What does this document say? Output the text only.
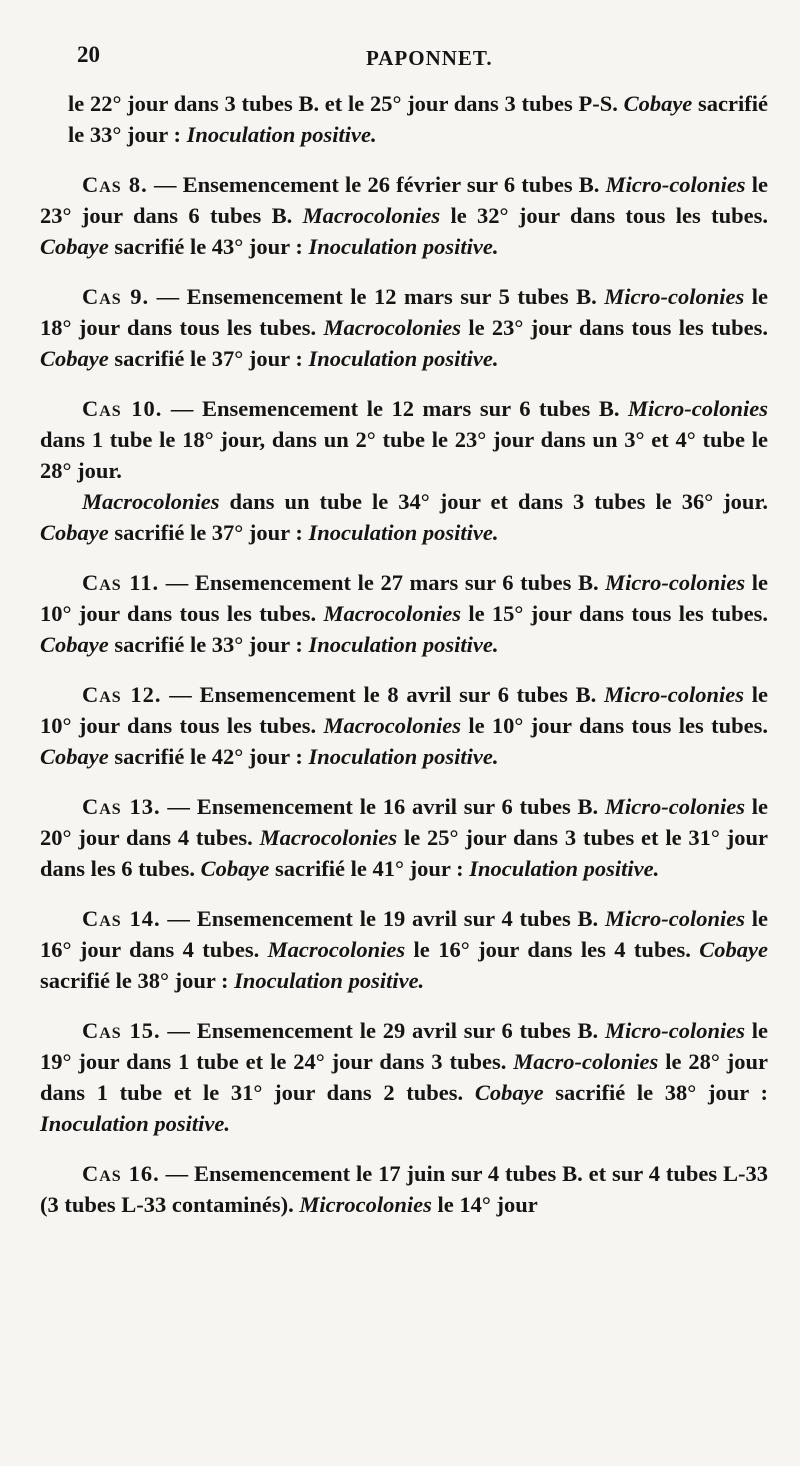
20	PAPONNET.

le 22° jour dans 3 tubes B. et le 25° jour dans 3 tubes P-S. Cobaye sacrifié le 33° jour : Inoculation positive.

Cas 8. — Ensemencement le 26 février sur 6 tubes B. Micro-colonies le 23° jour dans 6 tubes B. Macrocolonies le 32° jour dans tous les tubes. Cobaye sacrifié le 43° jour : Inoculation positive.

Cas 9. — Ensemencement le 12 mars sur 5 tubes B. Micro-colonies le 18° jour dans tous les tubes. Macrocolonies le 23° jour dans tous les tubes. Cobaye sacrifié le 37° jour : Inoculation positive.

Cas 10. — Ensemencement le 12 mars sur 6 tubes B. Micro-colonies dans 1 tube le 18° jour, dans un 2° tube le 23° jour dans un 3° et 4° tube le 28° jour.

Macrocolonies dans un tube le 34° jour et dans 3 tubes le 36° jour. Cobaye sacrifié le 37° jour : Inoculation positive.

Cas 11. — Ensemencement le 27 mars sur 6 tubes B. Micro-colonies le 10° jour dans tous les tubes. Macrocolonies le 15° jour dans tous les tubes. Cobaye sacrifié le 33° jour : Inoculation positive.

Cas 12. — Ensemencement le 8 avril sur 6 tubes B. Micro-colonies le 10° jour dans tous les tubes. Macrocolonies le 10° jour dans tous les tubes. Cobaye sacrifié le 42° jour : Inoculation positive.

Cas 13. — Ensemencement le 16 avril sur 6 tubes B. Micro-colonies le 20° jour dans 4 tubes. Macrocolonies le 25° jour dans 3 tubes et le 31° jour dans les 6 tubes. Cobaye sacrifié le 41° jour : Inoculation positive.

Cas 14. — Ensemencement le 19 avril sur 4 tubes B. Micro-colonies le 16° jour dans 4 tubes. Macrocolonies le 16° jour dans les 4 tubes. Cobaye sacrifié le 38° jour : Inoculation positive.

Cas 15. — Ensemencement le 29 avril sur 6 tubes B. Micro-colonies le 19° jour dans 1 tube et le 24° jour dans 3 tubes. Macro-colonies le 28° jour dans 1 tube et le 31° jour dans 2 tubes. Cobaye sacrifié le 38° jour : Inoculation positive.

Cas 16. — Ensemencement le 17 juin sur 4 tubes B. et sur 4 tubes L-33 (3 tubes L-33 contaminés). Microcolonies le 14° jour
